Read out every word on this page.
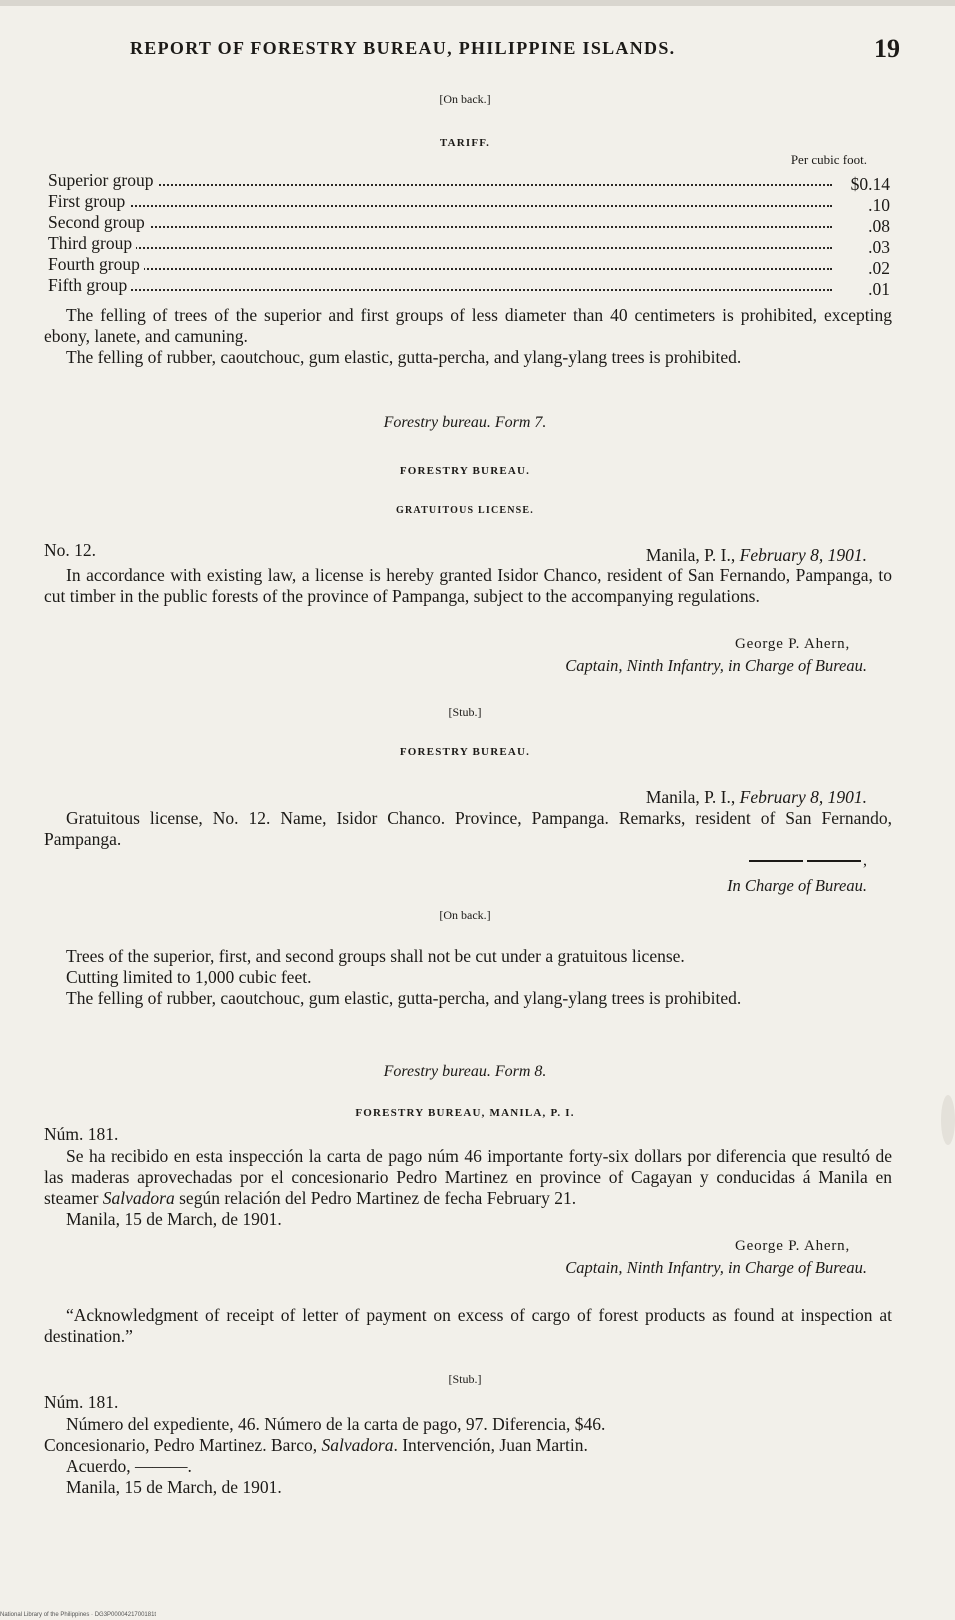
REPORT OF FORESTRY BUREAU, PHILIPPINE ISLANDS.	19
[On back.]
TARIFF.
Per cubic foot.
Superior group	$0.14
First group	.10
Second group	.08
Third group	.03
Fourth group	.02
Fifth group	.01

The felling of trees of the superior and first groups of less diameter than 40 centimeters is prohibited, excepting ebony, lanete, and camuning.

The felling of rubber, caoutchouc, gum elastic, gutta-percha, and ylang-ylang trees is prohibited.

Forestry bureau. Form 7.
FORESTRY BUREAU.
GRATUITOUS LICENSE.
No. 12.	Manila, P. I., February 8, 1901.

In accordance with existing law, a license is hereby granted Isidor Chanco, resident of San Fernando, Pampanga, to cut timber in the public forests of the province of Pampanga, subject to the accompanying regulations.

George P. Ahern,
Captain, Ninth Infantry, in Charge of Bureau.
[Stub.]
FORESTRY BUREAU.
Manila, P. I., February 8, 1901.

Gratuitous license, No. 12. Name, Isidor Chanco. Province, Pampanga. Remarks, resident of San Fernando, Pampanga.

,
In Charge of Bureau.
[On back.]

Trees of the superior, first, and second groups shall not be cut under a gratuitous license.

Cutting limited to 1,000 cubic feet.

The felling of rubber, caoutchouc, gum elastic, gutta-percha, and ylang-ylang trees is prohibited.

Forestry bureau. Form 8.
FORESTRY BUREAU, MANILA, P. I.
Núm. 181.

Se ha recibido en esta inspección la carta de pago núm 46 importante forty-six dollars por diferencia que resultó de las maderas aprovechadas por el concesionario Pedro Martinez en province of Cagayan y conducidas á Manila en steamer Salvadora según relación del Pedro Martinez de fecha February 21.

Manila, 15 de March, de 1901.

George P. Ahern,
Captain, Ninth Infantry, in Charge of Bureau.

“Acknowledgment of receipt of letter of payment on excess of cargo of forest products as found at inspection at destination.”

[Stub.]
Núm. 181.

Número del expediente, 46. Número de la carta de pago, 97. Diferencia, $46.

Concesionario, Pedro Martinez. Barco, Salvadora. Intervención, Juan Martin.

Acuerdo, ———.

Manila, 15 de March, de 1901.

National Library of the Philippines · DG3P0000421700181t
